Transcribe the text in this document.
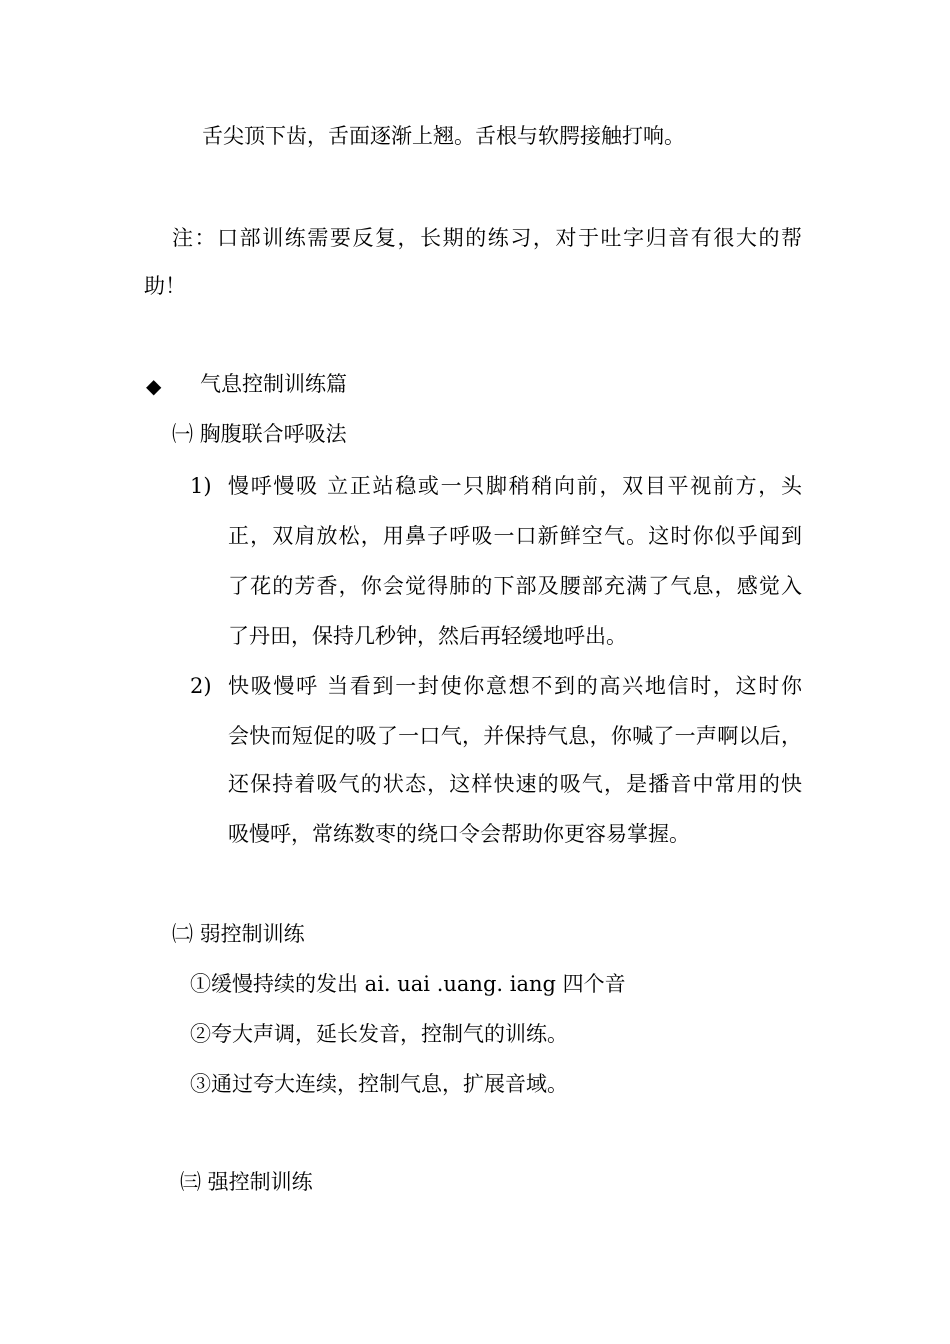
舌尖顶下齿，舌面逐渐上翘。舌根与软腭接触打响。
注：口部训练需要反复，长期的练习，对于吐字归音有很大的帮
助！
◆ 气息控制训练篇
㈠ 胸腹联合呼吸法
1) 慢呼慢吸 立正站稳或一只脚稍稍向前，双目平视前方，头
正，双肩放松，用鼻子呼吸一口新鲜空气。这时你似乎闻到
了花的芳香，你会觉得肺的下部及腰部充满了气息，感觉入
了丹田，保持几秒钟，然后再轻缓地呼出。
2) 快吸慢呼 当看到一封使你意想不到的高兴地信时，这时你
会快而短促的吸了一口气，并保持气息，你喊了一声啊以后，
还保持着吸气的状态，这样快速的吸气，是播音中常用的快
吸慢呼，常练数枣的绕口令会帮助你更容易掌握。
㈡ 弱控制训练
①缓慢持续的发出 ai. uai .uang. iang 四个音
②夸大声调，延长发音，控制气的训练。
③通过夸大连续，控制气息，扩展音域。
㈢ 强控制训练
